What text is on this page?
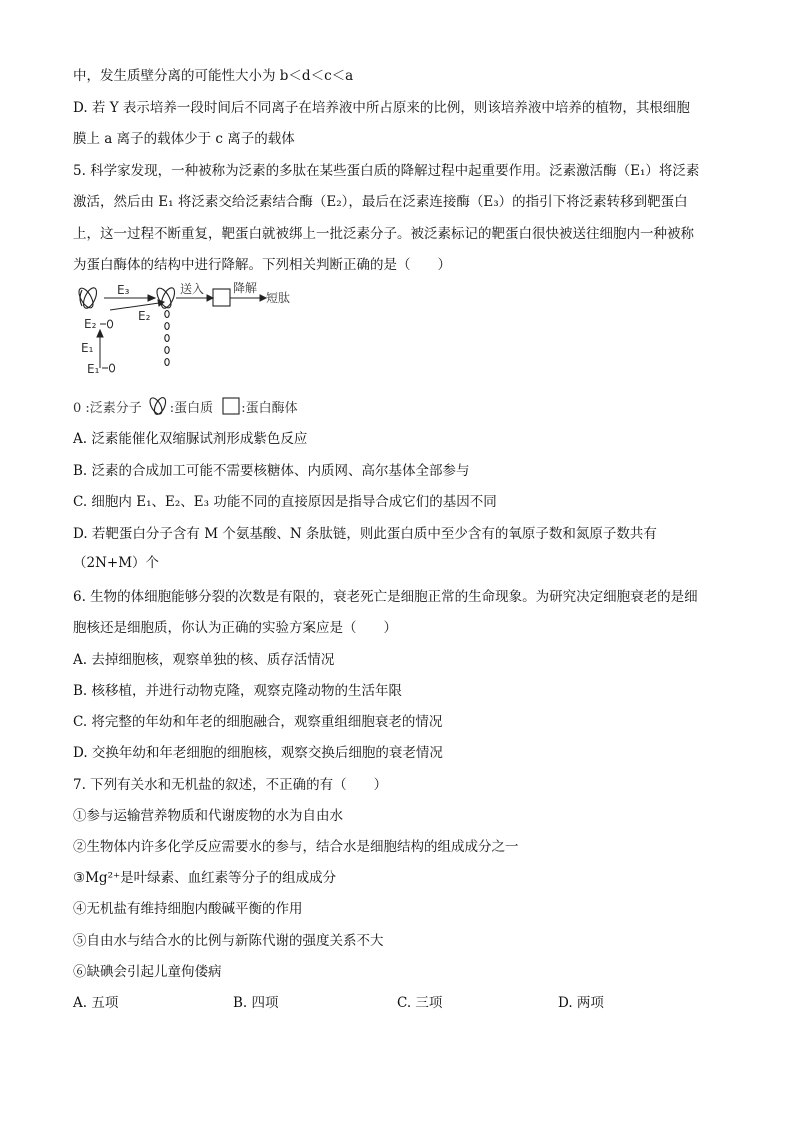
中，发生质壁分离的可能性大小为 b＜d＜c＜a
D. 若 Y 表示培养一段时间后不同离子在培养液中所占原来的比例，则该培养液中培养的植物，其根细胞
膜上 a 离子的载体少于 c 离子的载体
5. 科学家发现，一种被称为泛素的多肽在某些蛋白质的降解过程中起重要作用。泛素激活酶（E₁）将泛素
激活，然后由 E₁ 将泛素交给泛素结合酶（E₂），最后在泛素连接酶（E₃）的指引下将泛素转移到靶蛋白
上，这一过程不断重复，靶蛋白就被绑上一批泛素分子。被泛素标记的靶蛋白很快被送往细胞内一种被称
为蛋白酶体的结构中进行降解。下列相关判断正确的是（　　）
E₃
E₂
E₂
E₁
E₁
送入 降解
短肽
0 :泛素分子 :蛋白质 :蛋白酶体
A. 泛素能催化双缩脲试剂形成紫色反应
B. 泛素的合成加工可能不需要核糖体、内质网、高尔基体全部参与
C. 细胞内 E₁、E₂、E₃ 功能不同的直接原因是指导合成它们的基因不同
D. 若靶蛋白分子含有 M 个氨基酸、N 条肽链，则此蛋白质中至少含有的氧原子数和氮原子数共有
（2N+M）个
6. 生物的体细胞能够分裂的次数是有限的，衰老死亡是细胞正常的生命现象。为研究决定细胞衰老的是细
胞核还是细胞质，你认为正确的实验方案应是（　　）
A. 去掉细胞核，观察单独的核、质存活情况
B. 核移植，并进行动物克隆，观察克隆动物的生活年限
C. 将完整的年幼和年老的细胞融合，观察重组细胞衰老的情况
D. 交换年幼和年老细胞的细胞核，观察交换后细胞的衰老情况
7. 下列有关水和无机盐的叙述，不正确的有（　　）
①参与运输营养物质和代谢废物的水为自由水
②生物体内许多化学反应需要水的参与，结合水是细胞结构的组成成分之一
③Mg²⁺是叶绿素、血红素等分子的组成成分
④无机盐有维持细胞内酸碱平衡的作用
⑤自由水与结合水的比例与新陈代谢的强度关系不大
⑥缺碘会引起儿童佝偻病
A. 五项	B. 四项	C. 三项	D. 两项
